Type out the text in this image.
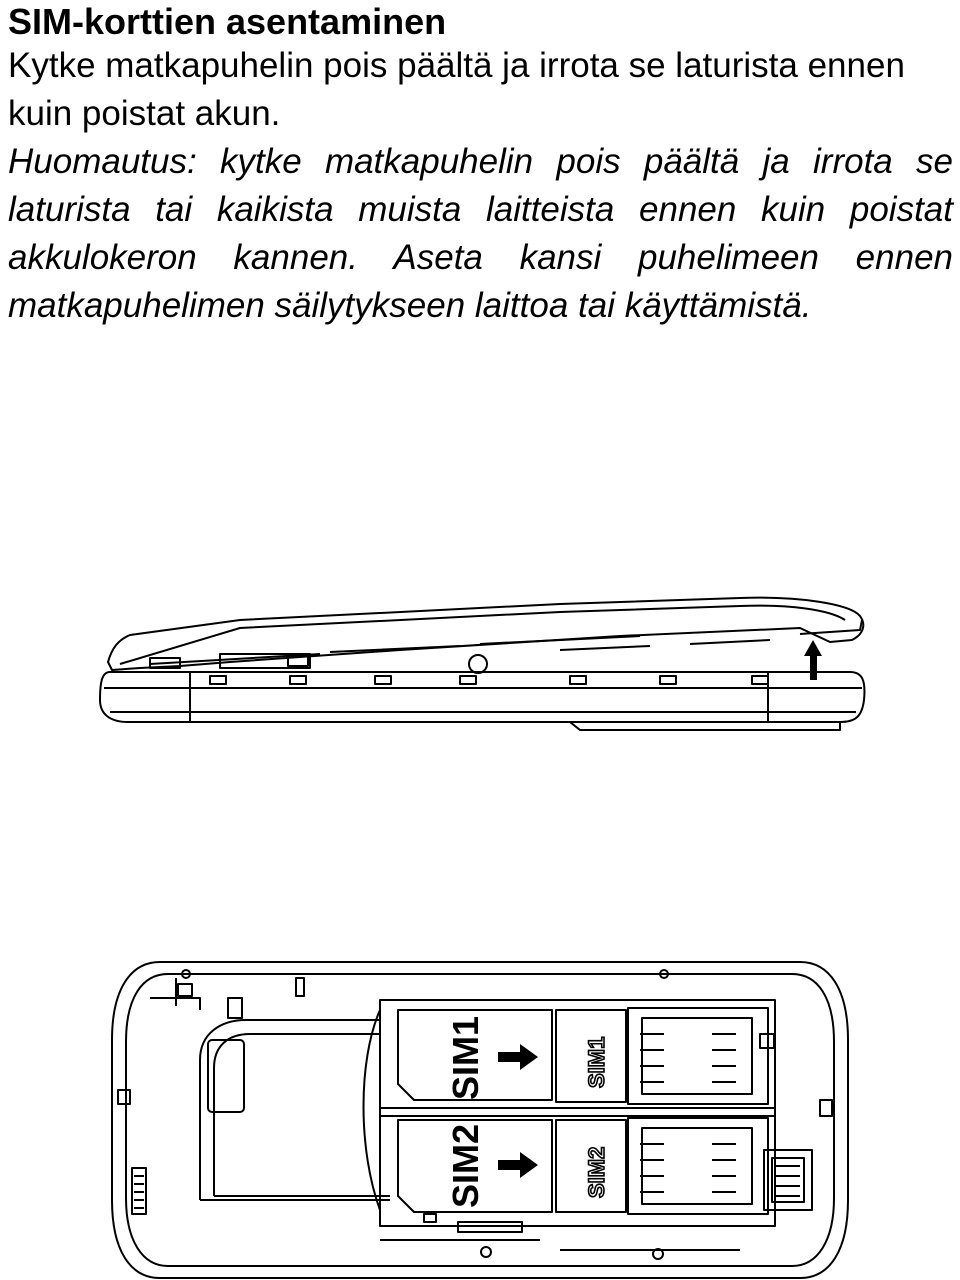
SIM-korttien asentaminen

Kytke matkapuhelin pois päältä ja irrota se laturista ennen kuin poistat akun.

Huomautus: kytke matkapuhelin pois päältä ja irrota se laturista tai kaikista muista laitteista ennen kuin poistat akkulokeron kannen. Aseta kansi puhelimeen ennen matkapuhelimen säilytykseen laittoa tai käyttämistä.

SIM1
SIM2
SIM1
SIM2
